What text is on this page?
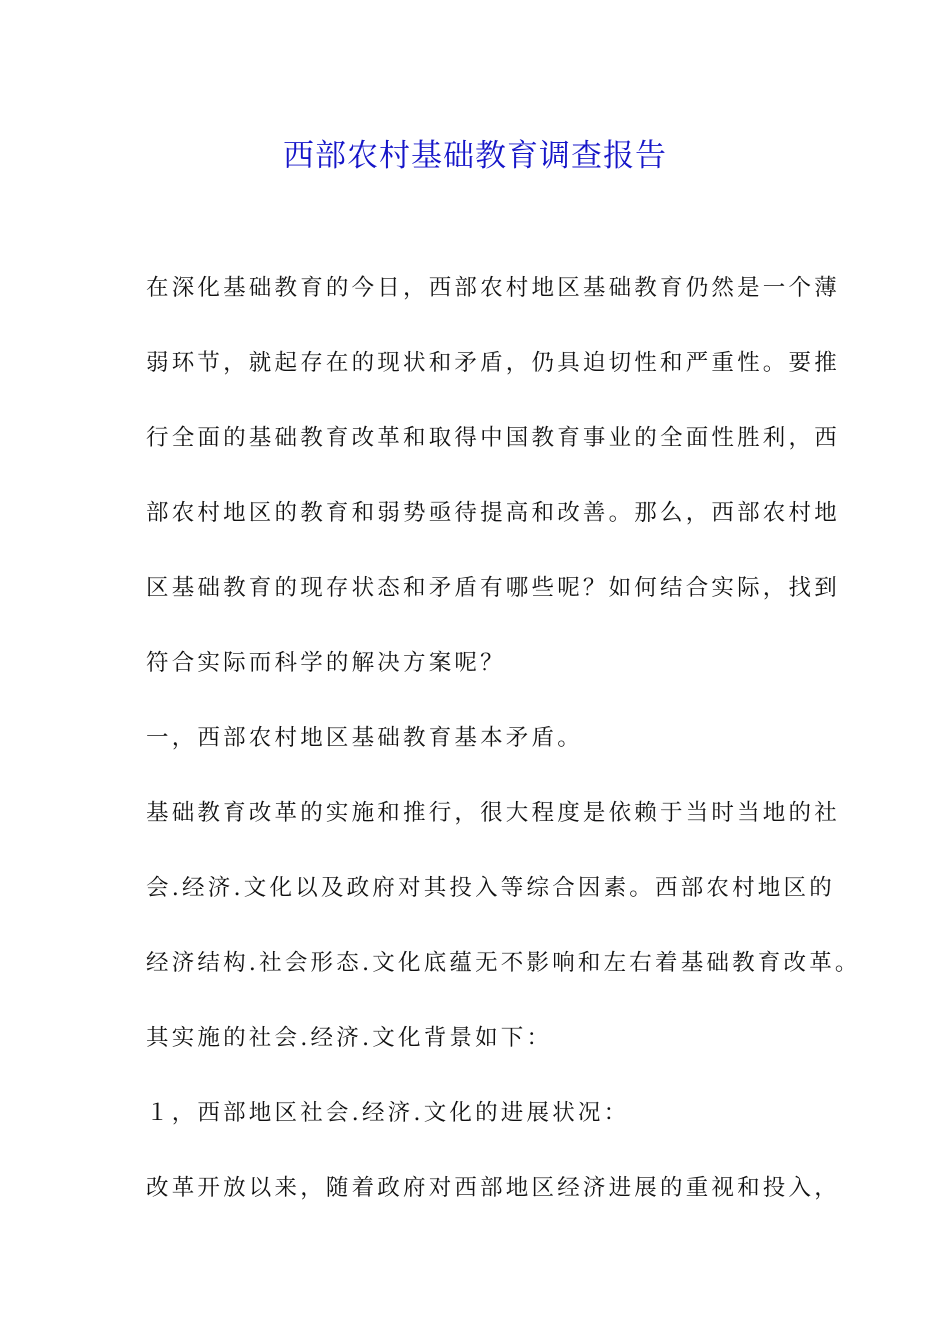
西部农村基础教育调查报告
在深化基础教育的今日，西部农村地区基础教育仍然是一个薄
弱环节，就起存在的现状和矛盾，仍具迫切性和严重性。要推
行全面的基础教育改革和取得中国教育事业的全面性胜利，西
部农村地区的教育和弱势亟待提高和改善。那么，西部农村地
区基础教育的现存状态和矛盾有哪些呢？如何结合实际，找到
符合实际而科学的解决方案呢？
一，西部农村地区基础教育基本矛盾。
基础教育改革的实施和推行，很大程度是依赖于当时当地的社
会.经济.文化以及政府对其投入等综合因素。西部农村地区的
经济结构.社会形态.文化底蕴无不影响和左右着基础教育改革。
其实施的社会.经济.文化背景如下：
１，西部地区社会.经济.文化的进展状况：
改革开放以来，随着政府对西部地区经济进展的重视和投入，
